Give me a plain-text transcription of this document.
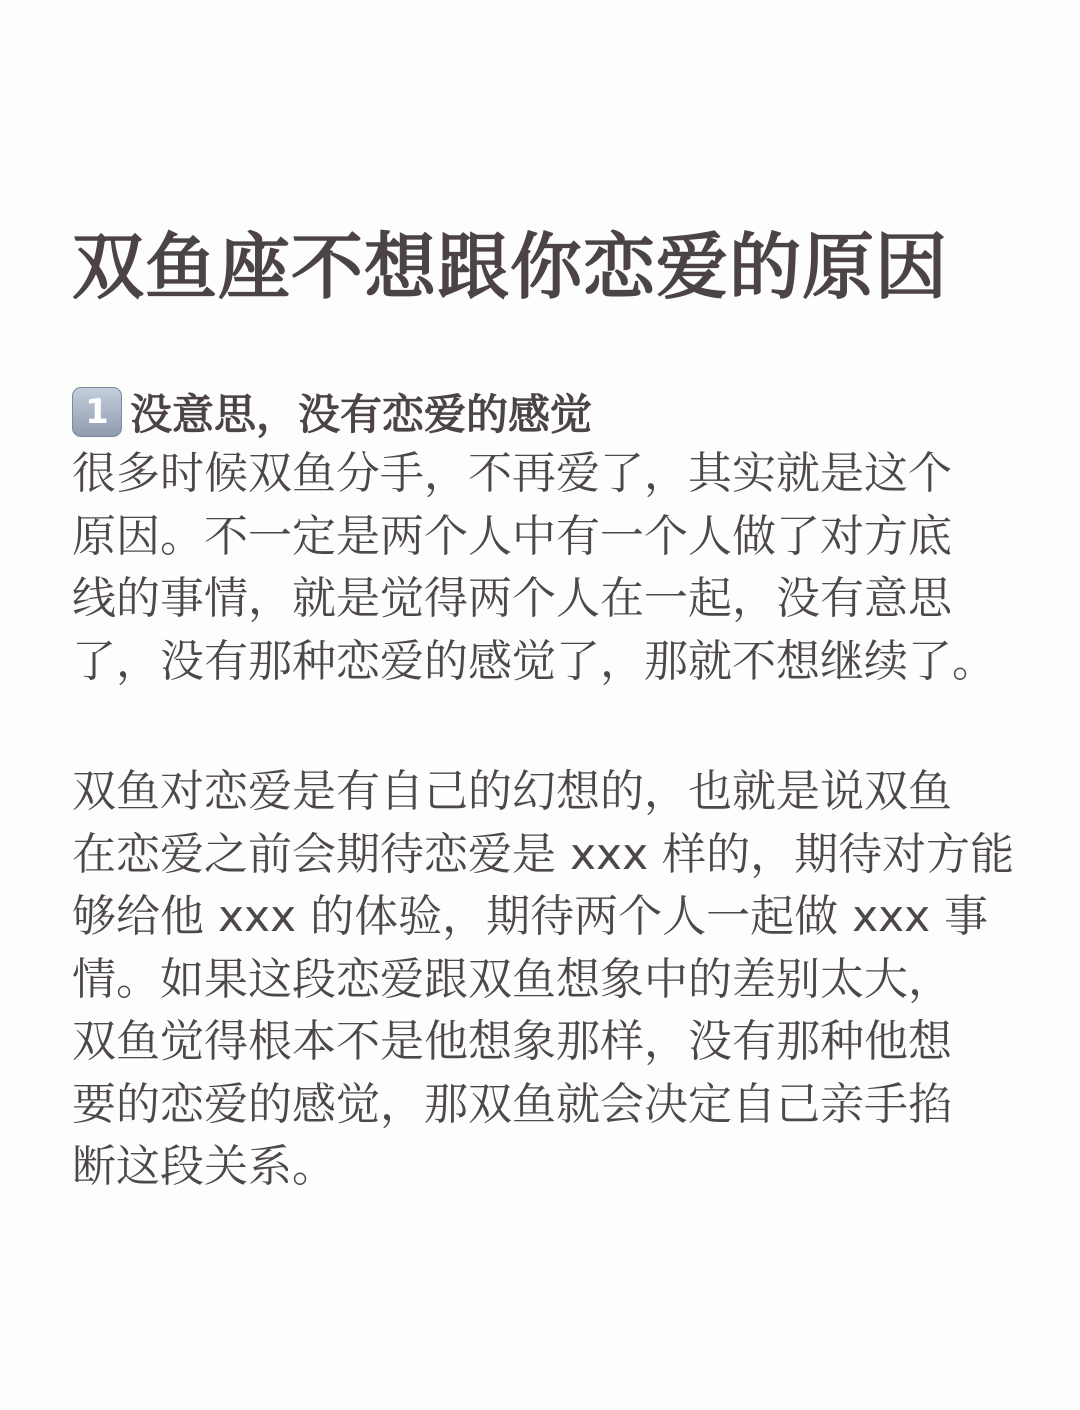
双鱼座不想跟你恋爱的原因
1 没意思，没有恋爱的感觉
很多时候双鱼分手，不再爱了，其实就是这个
原因。不一定是两个人中有一个人做了对方底
线的事情，就是觉得两个人在一起，没有意思
了，没有那种恋爱的感觉了，那就不想继续了。
双鱼对恋爱是有自己的幻想的，也就是说双鱼
在恋爱之前会期待恋爱是 xxx 样的，期待对方能
够给他 xxx 的体验，期待两个人一起做 xxx 事
情。如果这段恋爱跟双鱼想象中的差别太大，
双鱼觉得根本不是他想象那样，没有那种他想
要的恋爱的感觉，那双鱼就会决定自己亲手掐
断这段关系。
